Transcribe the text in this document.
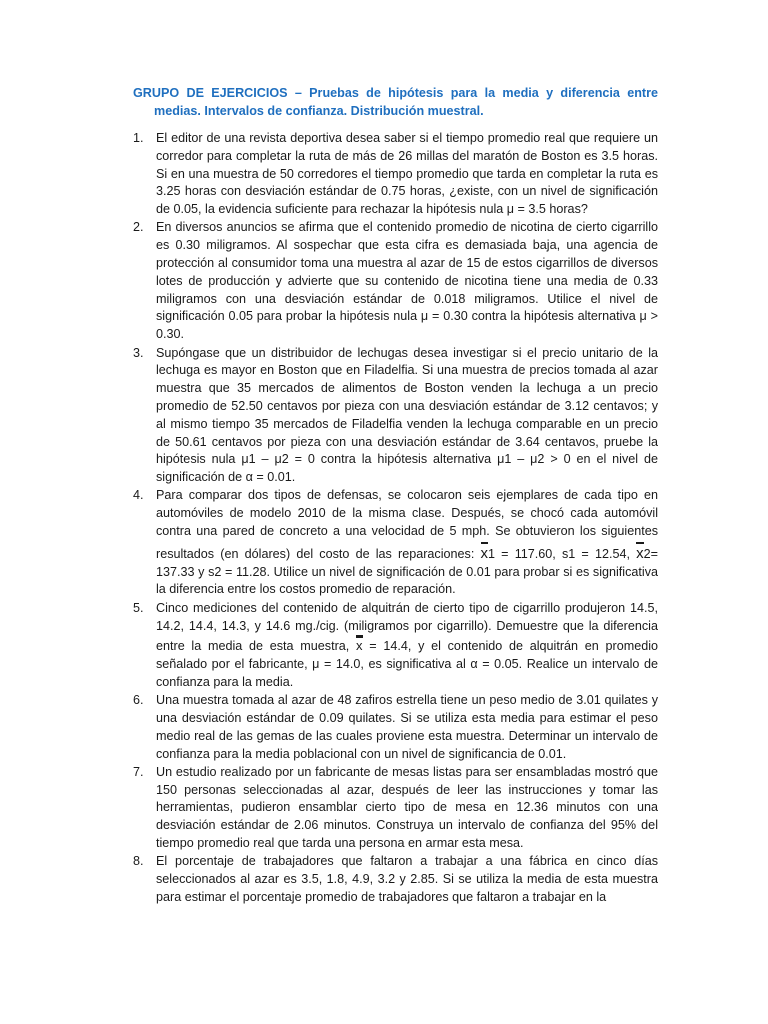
GRUPO DE EJERCICIOS – Pruebas de hipótesis para la media y diferencia entre medias. Intervalos de confianza. Distribución muestral.
1. El editor de una revista deportiva desea saber si el tiempo promedio real que requiere un corredor para completar la ruta de más de 26 millas del maratón de Boston es 3.5 horas. Si en una muestra de 50 corredores el tiempo promedio que tarda en completar la ruta es 3.25 horas con desviación estándar de 0.75 horas, ¿existe, con un nivel de significación de 0.05, la evidencia suficiente para rechazar la hipótesis nula μ = 3.5 horas?
2. En diversos anuncios se afirma que el contenido promedio de nicotina de cierto cigarrillo es 0.30 miligramos. Al sospechar que esta cifra es demasiada baja, una agencia de protección al consumidor toma una muestra al azar de 15 de estos cigarrillos de diversos lotes de producción y advierte que su contenido de nicotina tiene una media de 0.33 miligramos con una desviación estándar de 0.018 miligramos. Utilice el nivel de significación 0.05 para probar la hipótesis nula μ = 0.30 contra la hipótesis alternativa μ > 0.30.
3. Supóngase que un distribuidor de lechugas desea investigar si el precio unitario de la lechuga es mayor en Boston que en Filadelfia. Si una muestra de precios tomada al azar muestra que 35 mercados de alimentos de Boston venden la lechuga a un precio promedio de 52.50 centavos por pieza con una desviación estándar de 3.12 centavos; y al mismo tiempo 35 mercados de Filadelfia venden la lechuga comparable en un precio de 50.61 centavos por pieza con una desviación estándar de 3.64 centavos, pruebe la hipótesis nula μ1 – μ2 = 0 contra la hipótesis alternativa μ1 – μ2 > 0 en el nivel de significación de α = 0.01.
4. Para comparar dos tipos de defensas, se colocaron seis ejemplares de cada tipo en automóviles de modelo 2010 de la misma clase. Después, se chocó cada automóvil contra una pared de concreto a una velocidad de 5 mph. Se obtuvieron los siguientes resultados (en dólares) del costo de las reparaciones: x1 = 117.60, s1 = 12.54, x2= 137.33 y s2 = 11.28. Utilice un nivel de significación de 0.01 para probar si es significativa la diferencia entre los costos promedio de reparación.
5. Cinco mediciones del contenido de alquitrán de cierto tipo de cigarrillo produjeron 14.5, 14.2, 14.4, 14.3, y 14.6 mg./cig. (miligramos por cigarrillo). Demuestre que la diferencia entre la media de esta muestra, x = 14.4, y el contenido de alquitrán en promedio señalado por el fabricante, μ = 14.0, es significativa al α = 0.05. Realice un intervalo de confianza para la media.
6. Una muestra tomada al azar de 48 zafiros estrella tiene un peso medio de 3.01 quilates y una desviación estándar de 0.09 quilates. Si se utiliza esta media para estimar el peso medio real de las gemas de las cuales proviene esta muestra. Determinar un intervalo de confianza para la media poblacional con un nivel de significancia de 0.01.
7. Un estudio realizado por un fabricante de mesas listas para ser ensambladas mostró que 150 personas seleccionadas al azar, después de leer las instrucciones y tomar las herramientas, pudieron ensamblar cierto tipo de mesa en 12.36 minutos con una desviación estándar de 2.06 minutos. Construya un intervalo de confianza del 95% del tiempo promedio real que tarda una persona en armar esta mesa.
8. El porcentaje de trabajadores que faltaron a trabajar a una fábrica en cinco días seleccionados al azar es 3.5, 1.8, 4.9, 3.2 y 2.85. Si se utiliza la media de esta muestra para estimar el porcentaje promedio de trabajadores que faltaron a trabajar en la
